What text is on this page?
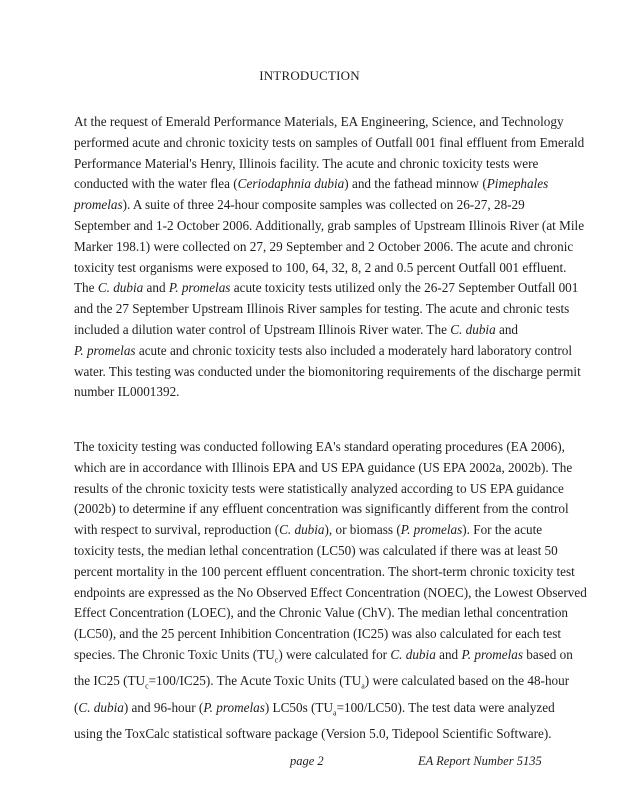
INTRODUCTION

At the request of Emerald Performance Materials, EA Engineering, Science, and Technology
performed acute and chronic toxicity tests on samples of Outfall 001 final effluent from Emerald
Performance Material's Henry, Illinois facility. The acute and chronic toxicity tests were
conducted with the water flea (Ceriodaphnia dubia) and the fathead minnow (Pimephales
promelas). A suite of three 24-hour composite samples was collected on 26-27, 28-29
September and 1-2 October 2006. Additionally, grab samples of Upstream Illinois River (at Mile
Marker 198.1) were collected on 27, 29 September and 2 October 2006. The acute and chronic
toxicity test organisms were exposed to 100, 64, 32, 8, 2 and 0.5 percent Outfall 001 effluent.
The C. dubia and P. promelas acute toxicity tests utilized only the 26-27 September Outfall 001
and the 27 September Upstream Illinois River samples for testing. The acute and chronic tests
included a dilution water control of Upstream Illinois River water. The C. dubia and
P. promelas acute and chronic toxicity tests also included a moderately hard laboratory control
water. This testing was conducted under the biomonitoring requirements of the discharge permit
number IL0001392.

The toxicity testing was conducted following EA's standard operating procedures (EA 2006),
which are in accordance with Illinois EPA and US EPA guidance (US EPA 2002a, 2002b). The
results of the chronic toxicity tests were statistically analyzed according to US EPA guidance
(2002b) to determine if any effluent concentration was significantly different from the control
with respect to survival, reproduction (C. dubia), or biomass (P. promelas). For the acute
toxicity tests, the median lethal concentration (LC50) was calculated if there was at least 50
percent mortality in the 100 percent effluent concentration. The short-term chronic toxicity test
endpoints are expressed as the No Observed Effect Concentration (NOEC), the Lowest Observed
Effect Concentration (LOEC), and the Chronic Value (ChV). The median lethal concentration
(LC50), and the 25 percent Inhibition Concentration (IC25) was also calculated for each test
species. The Chronic Toxic Units $(TU_c)$ were calculated for C. dubia and P. promelas based on
the IC25 $(TU_c=100/IC25)$. The Acute Toxic Units $(TU_a)$ were calculated based on the 48-hour
(C. dubia) and 96-hour (P. promelas) LC50s $(TU_a=100/LC50)$. The test data were analyzed
using the ToxCalc statistical software package (Version 5.0, Tidepool Scientific Software).

page 2	EA Report Number 5135
